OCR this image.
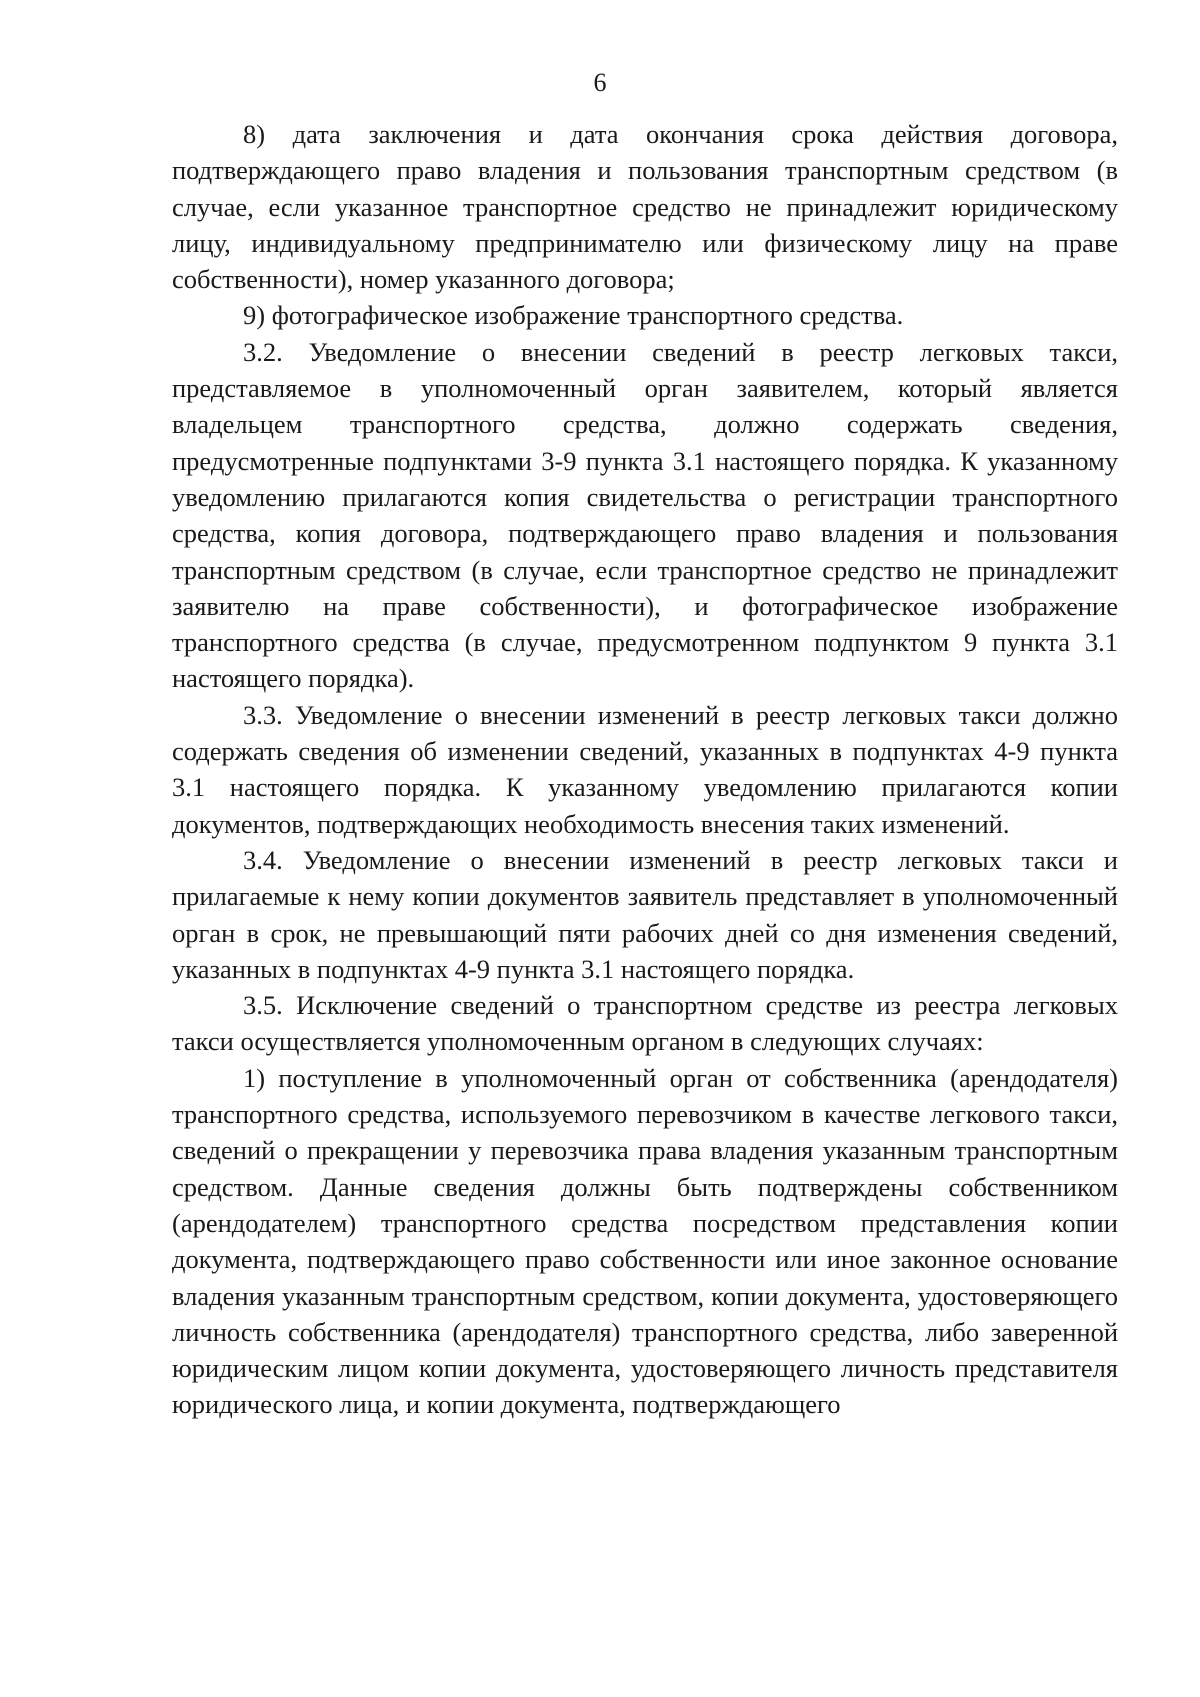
6

8) дата заключения и дата окончания срока действия договора, подтверждающего право владения и пользования транспортным средством (в случае, если указанное транспортное средство не принадлежит юридическому лицу, индивидуальному предпринимателю или физическому лицу на праве собственности), номер указанного договора;

9) фотографическое изображение транспортного средства.

3.2. Уведомление о внесении сведений в реестр легковых такси, представляемое в уполномоченный орган заявителем, который является владельцем транспортного средства, должно содержать сведения, предусмотренные подпунктами 3-9 пункта 3.1 настоящего порядка. К указанному уведомлению прилагаются копия свидетельства о регистрации транспортного средства, копия договора, подтверждающего право владения и пользования транспортным средством (в случае, если транспортное средство не принадлежит заявителю на праве собственности), и фотографическое изображение транспортного средства (в случае, предусмотренном подпунктом 9 пункта 3.1 настоящего порядка).

3.3. Уведомление о внесении изменений в реестр легковых такси должно содержать сведения об изменении сведений, указанных в подпунктах 4-9 пункта 3.1 настоящего порядка. К указанному уведомлению прилагаются копии документов, подтверждающих необходимость внесения таких изменений.

3.4. Уведомление о внесении изменений в реестр легковых такси и прилагаемые к нему копии документов заявитель представляет в уполномоченный орган в срок, не превышающий пяти рабочих дней со дня изменения сведений, указанных в подпунктах 4-9 пункта 3.1 настоящего порядка.

3.5. Исключение сведений о транспортном средстве из реестра легковых такси осуществляется уполномоченным органом в следующих случаях:

1) поступление в уполномоченный орган от собственника (арендодателя) транспортного средства, используемого перевозчиком в качестве легкового такси, сведений о прекращении у перевозчика права владения указанным транспортным средством. Данные сведения должны быть подтверждены собственником (арендодателем) транспортного средства посредством представления копии документа, подтверждающего право собственности или иное законное основание владения указанным транспортным средством, копии документа, удостоверяющего личность собственника (арендодателя) транспортного средства, либо заверенной юридическим лицом копии документа, удостоверяющего личность представителя юридического лица, и копии документа, подтверждающего
